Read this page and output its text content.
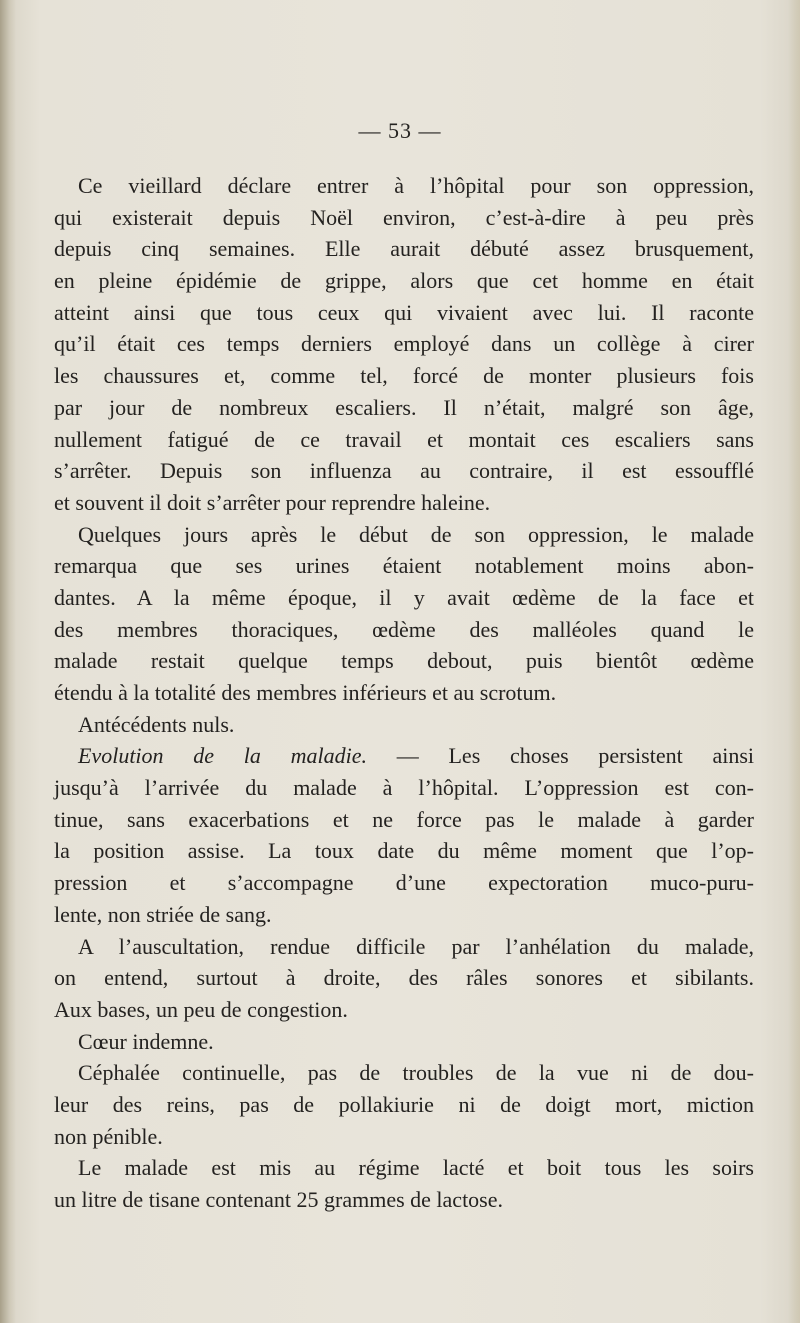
— 53 —
Ce vieillard déclare entrer à l’hôpital pour son oppression,
qui existerait depuis Noël environ, c’est-à-dire à peu près
depuis cinq semaines. Elle aurait débuté assez brusquement,
en pleine épidémie de grippe, alors que cet homme en était
atteint ainsi que tous ceux qui vivaient avec lui. Il raconte
qu’il était ces temps derniers employé dans un collège à cirer
les chaussures et, comme tel, forcé de monter plusieurs fois
par jour de nombreux escaliers. Il n’était, malgré son âge,
nullement fatigué de ce travail et montait ces escaliers sans
s’arrêter. Depuis son influenza au contraire, il est essoufflé
et souvent il doit s’arrêter pour reprendre haleine.
Quelques jours après le début de son oppression, le malade
remarqua que ses urines étaient notablement moins abon-
dantes. A la même époque, il y avait œdème de la face et
des membres thoraciques, œdème des malléoles quand le
malade restait quelque temps debout, puis bientôt œdème
étendu à la totalité des membres inférieurs et au scrotum.
Antécédents nuls.
Evolution de la maladie. — Les choses persistent ainsi
jusqu’à l’arrivée du malade à l’hôpital. L’oppression est con-
tinue, sans exacerbations et ne force pas le malade à garder
la position assise. La toux date du même moment que l’op-
pression et s’accompagne d’une expectoration muco-puru-
lente, non striée de sang.
A l’auscultation, rendue difficile par l’anhélation du malade,
on entend, surtout à droite, des râles sonores et sibilants.
Aux bases, un peu de congestion.
Cœur indemne.
Céphalée continuelle, pas de troubles de la vue ni de dou-
leur des reins, pas de pollakiurie ni de doigt mort, miction
non pénible.
Le malade est mis au régime lacté et boit tous les soirs
un litre de tisane contenant 25 grammes de lactose.
